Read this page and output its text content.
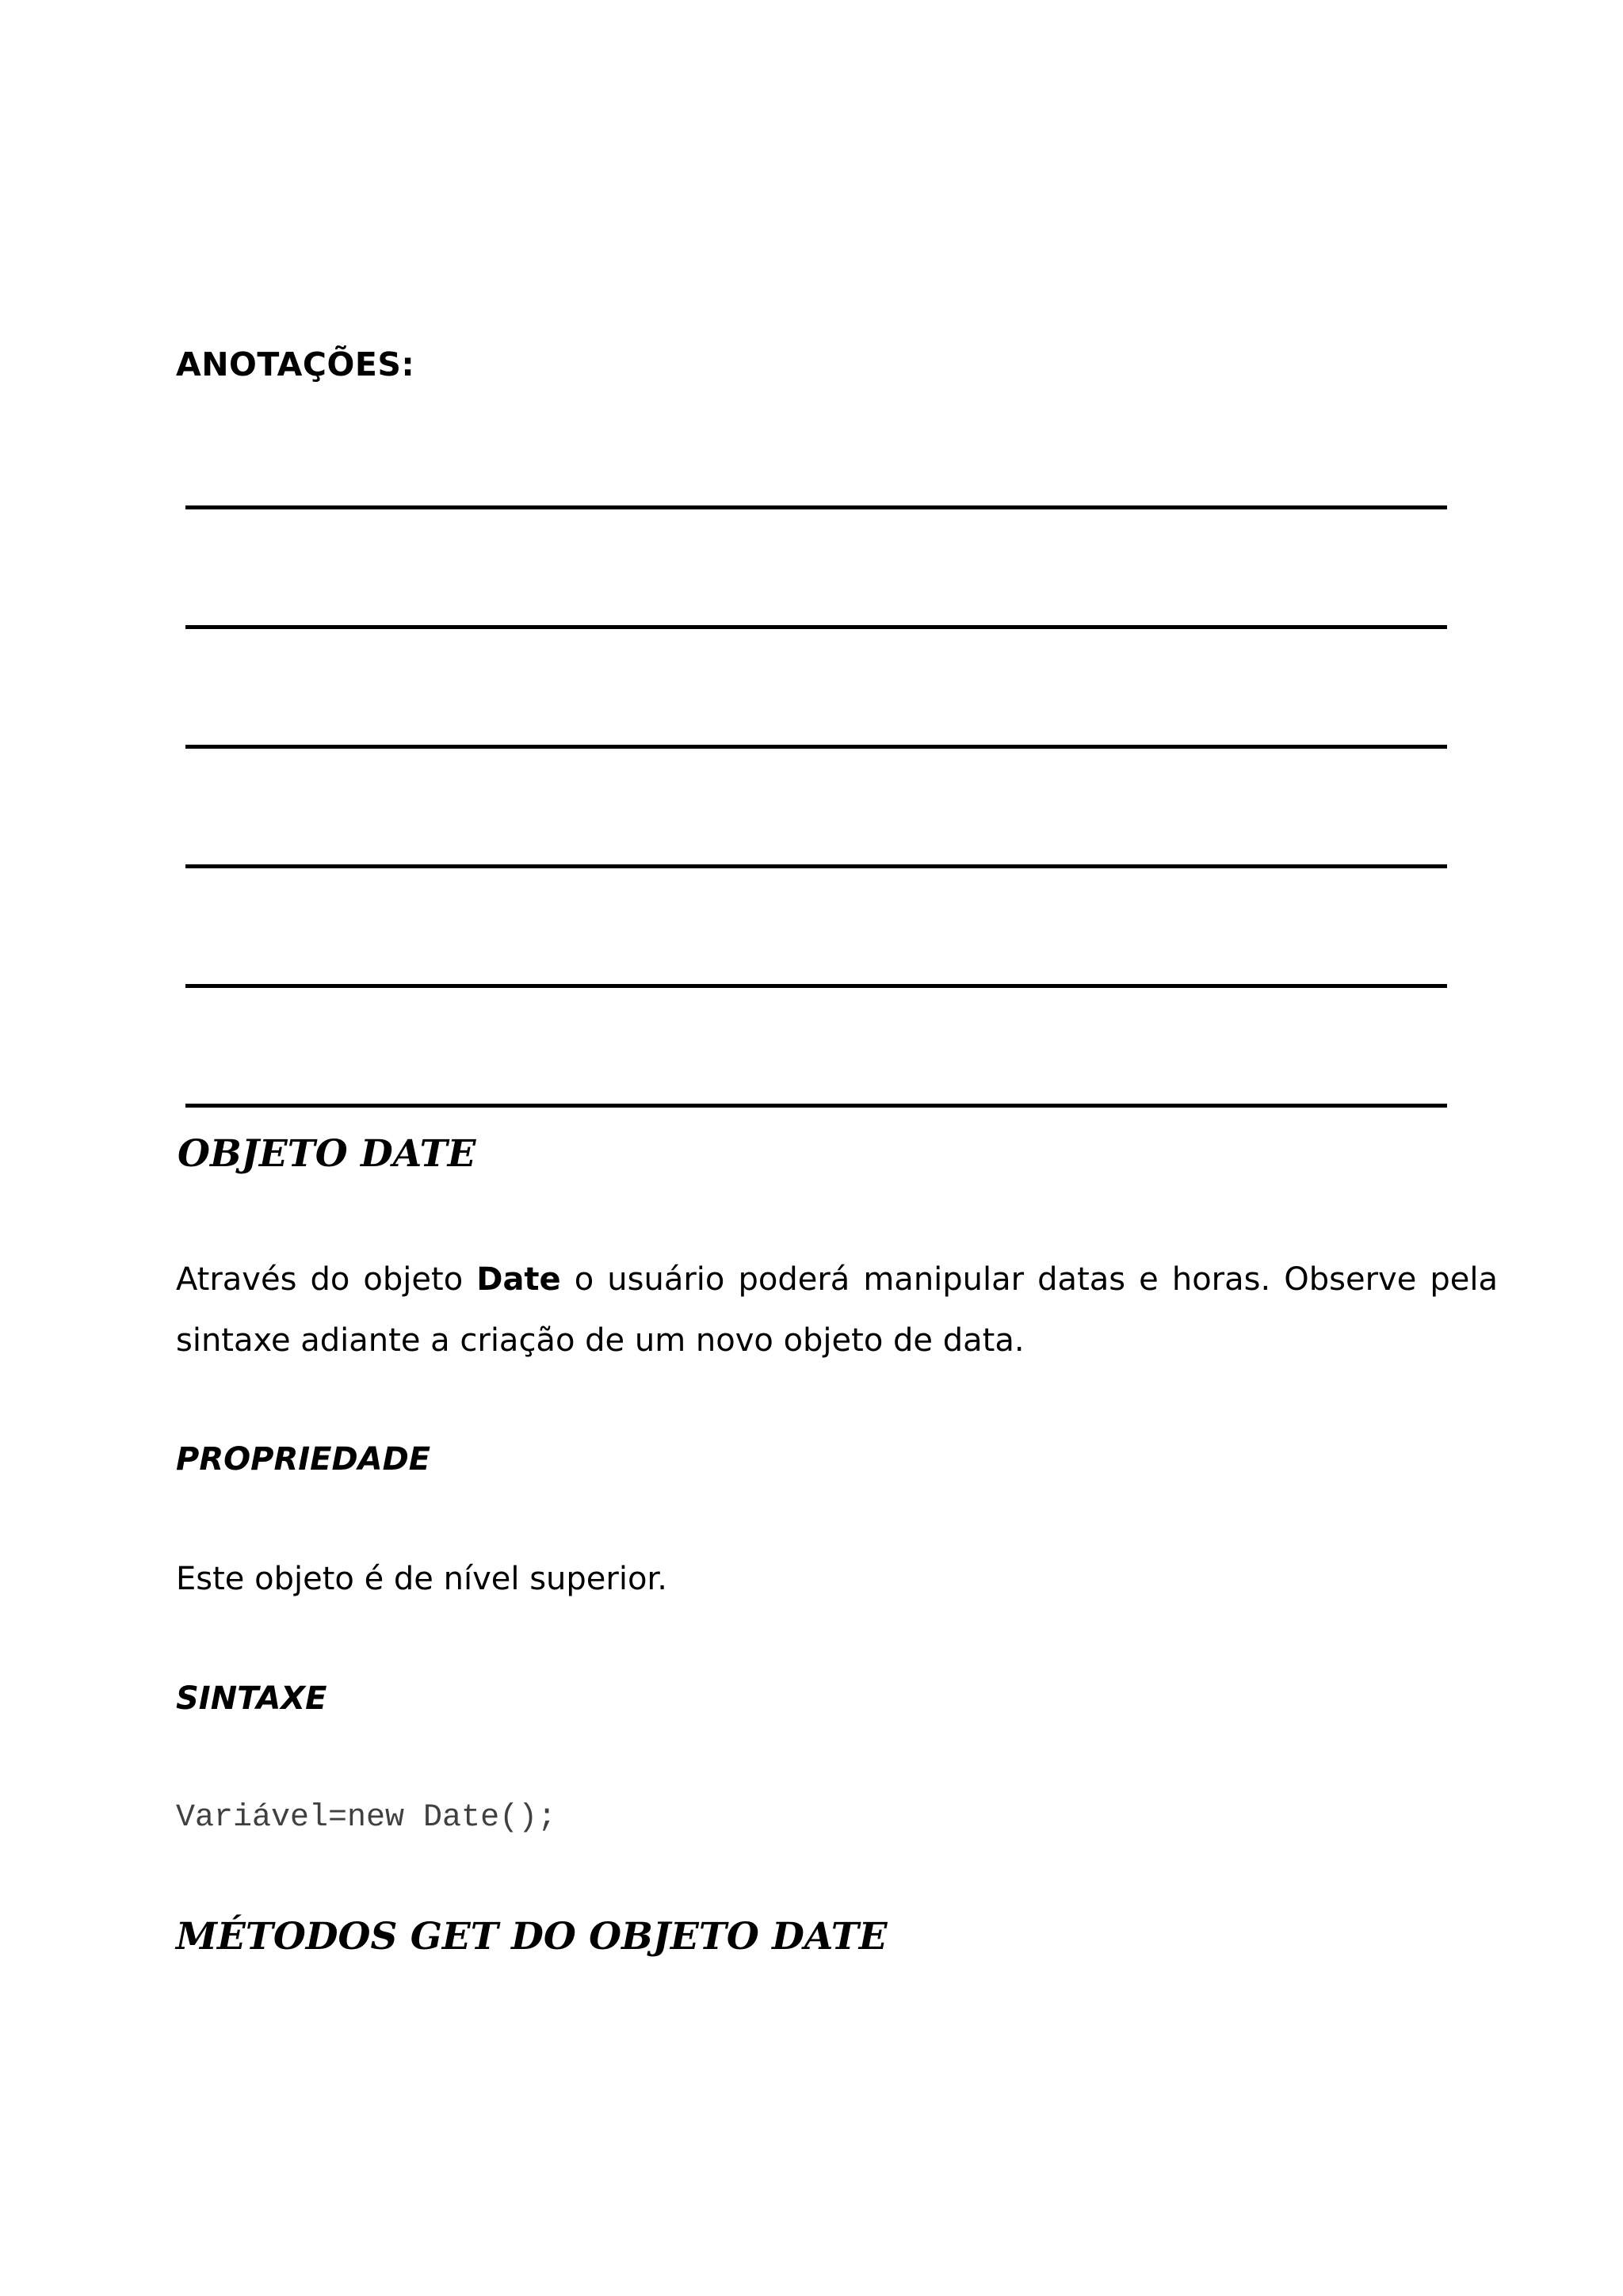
ANOTAÇÕES:
OBJETO DATE

Através do objeto Date o usuário poderá manipular datas e horas. Observe pela sintaxe adiante a criação de um novo objeto de data.

PROPRIEDADE
Este objeto é de nível superior.
SINTAXE
Variável=new Date();
MÉTODOS GET DO OBJETO DATE
